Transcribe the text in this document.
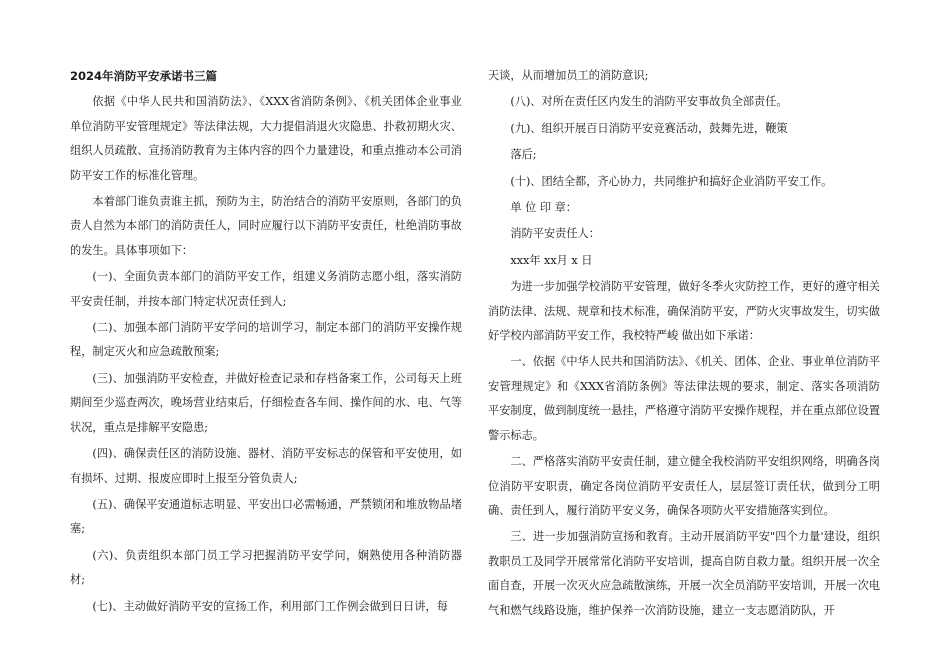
2024年消防平安承诺书三篇

依据《中华人民共和国消防法》、《XXX省消防条例》、《机关团体企业事业单位消防平安管理规定》等法律法规，大力提倡消退火灾隐患、扑救初期火灾、组织人员疏散、宣扬消防教育为主体内容的四个力量建设，和重点推动本公司消防平安工作的标准化管理。

本着部门谁负责谁主抓，预防为主，防治结合的消防平安原则，各部门的负责人自然为本部门的消防责任人，同时应履行以下消防平安责任，杜绝消防事故的发生。具体事项如下：

(一)、全面负责本部门的消防平安工作，组建义务消防志愿小组，落实消防平安责任制，并按本部门特定状况责任到人;

(二)、加强本部门消防平安学问的培训学习，制定本部门的消防平安操作规程，制定灭火和应急疏散预案;

(三)、加强消防平安检查，并做好检查记录和存档备案工作，公司每天上班期间至少巡查两次，晚场营业结束后，仔细检查各车间、操作间的水、电、气等状况，重点是排解平安隐患;

(四)、确保责任区的消防设施、器材、消防平安标志的保管和平安使用，如有损坏、过期、报废应即时上报至分管负责人;

(五)、确保平安通道标志明显、平安出口必需畅通，严禁锁闭和堆放物品堵塞;

(六)、负责组织本部门员工学习把握消防平安学问，娴熟使用各种消防器材;

(七)、主动做好消防平安的宣扬工作，利用部门工作例会做到日日讲，每

天谈，从而增加员工的消防意识;

(八)、对所在责任区内发生的消防平安事故负全部责任。

(九)、组织开展百日消防平安竞赛活动，鼓舞先进，鞭策

落后;

(十)、团结全都，齐心协力，共同维护和搞好企业消防平安工作。

单 位 印 章：

消防平安责任人：

xxx年 xx月 x 日

为进一步加强学校消防平安管理，做好冬季火灾防控工作，更好的遵守相关消防法律、法规、规章和技术标准，确保消防平安，严防火灾事故发生，切实做好学校内部消防平安工作，我校特严峻 做出如下承诺：

一、依据《中华人民共和国消防法》、《机关、团体、企业、事业单位消防平安管理规定》和《XXX省消防条例》等法律法规的要求，制定、落实各项消防平安制度，做到制度统一悬挂，严格遵守消防平安操作规程，并在重点部位设置警示标志。

二、严格落实消防平安责任制，建立健全我校消防平安组织网络，明确各岗位消防平安职责，确定各岗位消防平安责任人，层层签订责任状，做到分工明确、责任到人，履行消防平安义务，确保各项防火平安措施落实到位。

三、进一步加强消防宣扬和教育。主动开展消防平安"四个力量'建设，组织教职员工及同学开展常常化消防平安培训，提高自防自救力量。组织开展一次全面自查，开展一次灭火应急疏散演练，开展一次全员消防平安培训，开展一次电气和燃气线路设施，维护保养一次消防设施，建立一支志愿消防队，开
